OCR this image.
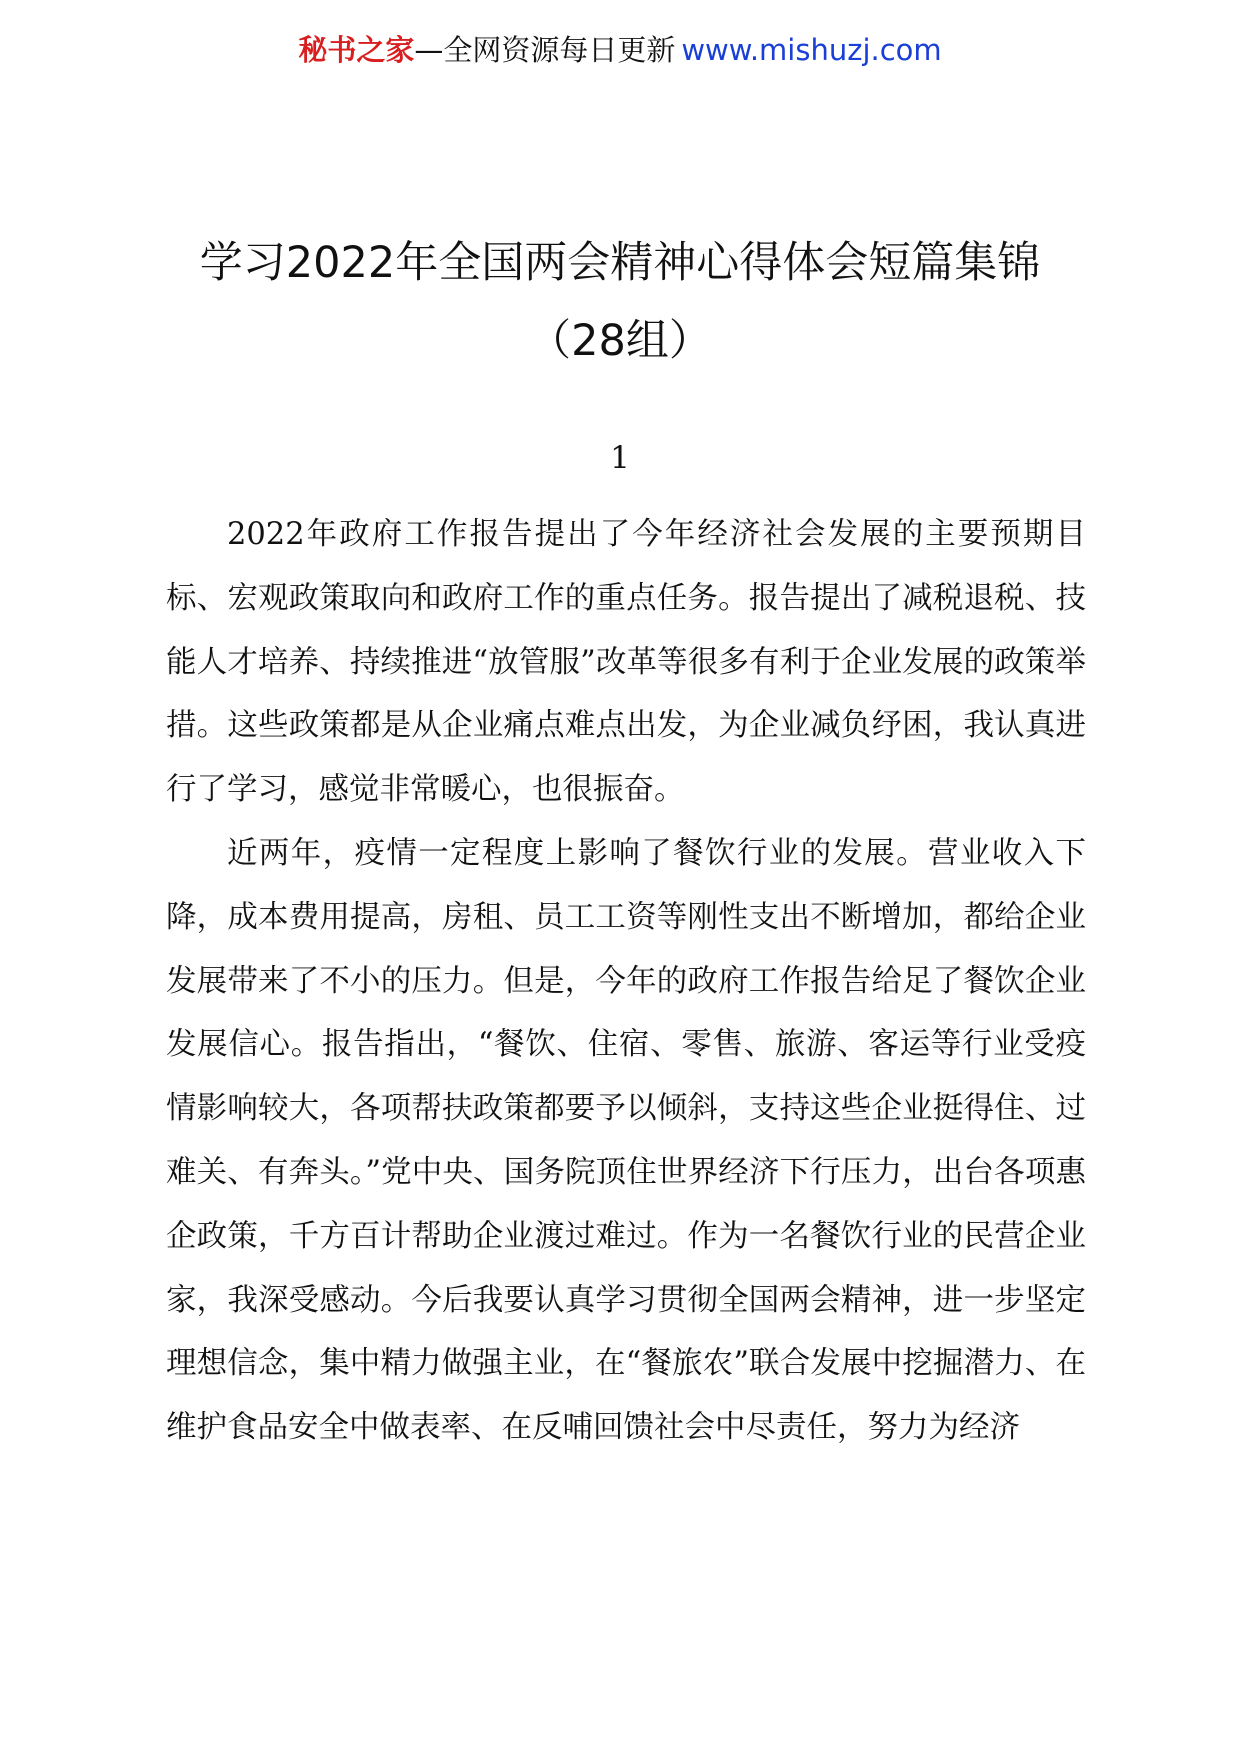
秘书之家—全网资源每日更新 www.mishuzj.com
学习2022年全国两会精神心得体会短篇集锦
（28组）
1

2022年政府工作报告提出了今年经济社会发展的主要预期目标、宏观政策取向和政府工作的重点任务。报告提出了减税退税、技能人才培养、持续推进“放管服”改革等很多有利于企业发展的政策举措。这些政策都是从企业痛点难点出发，为企业减负纾困，我认真进行了学习，感觉非常暖心，也很振奋。

近两年，疫情一定程度上影响了餐饮行业的发展。营业收入下降，成本费用提高，房租、员工工资等刚性支出不断增加，都给企业发展带来了不小的压力。但是，今年的政府工作报告给足了餐饮企业发展信心。报告指出，“餐饮、住宿、零售、旅游、客运等行业受疫情影响较大，各项帮扶政策都要予以倾斜，支持这些企业挺得住、过难关、有奔头。”党中央、国务院顶住世界经济下行压力，出台各项惠企政策，千方百计帮助企业渡过难过。作为一名餐饮行业的民营企业家，我深受感动。今后我要认真学习贯彻全国两会精神，进一步坚定理想信念，集中精力做强主业，在“餐旅农”联合发展中挖掘潜力、在维护食品安全中做表率、在反哺回馈社会中尽责任，努力为经济
